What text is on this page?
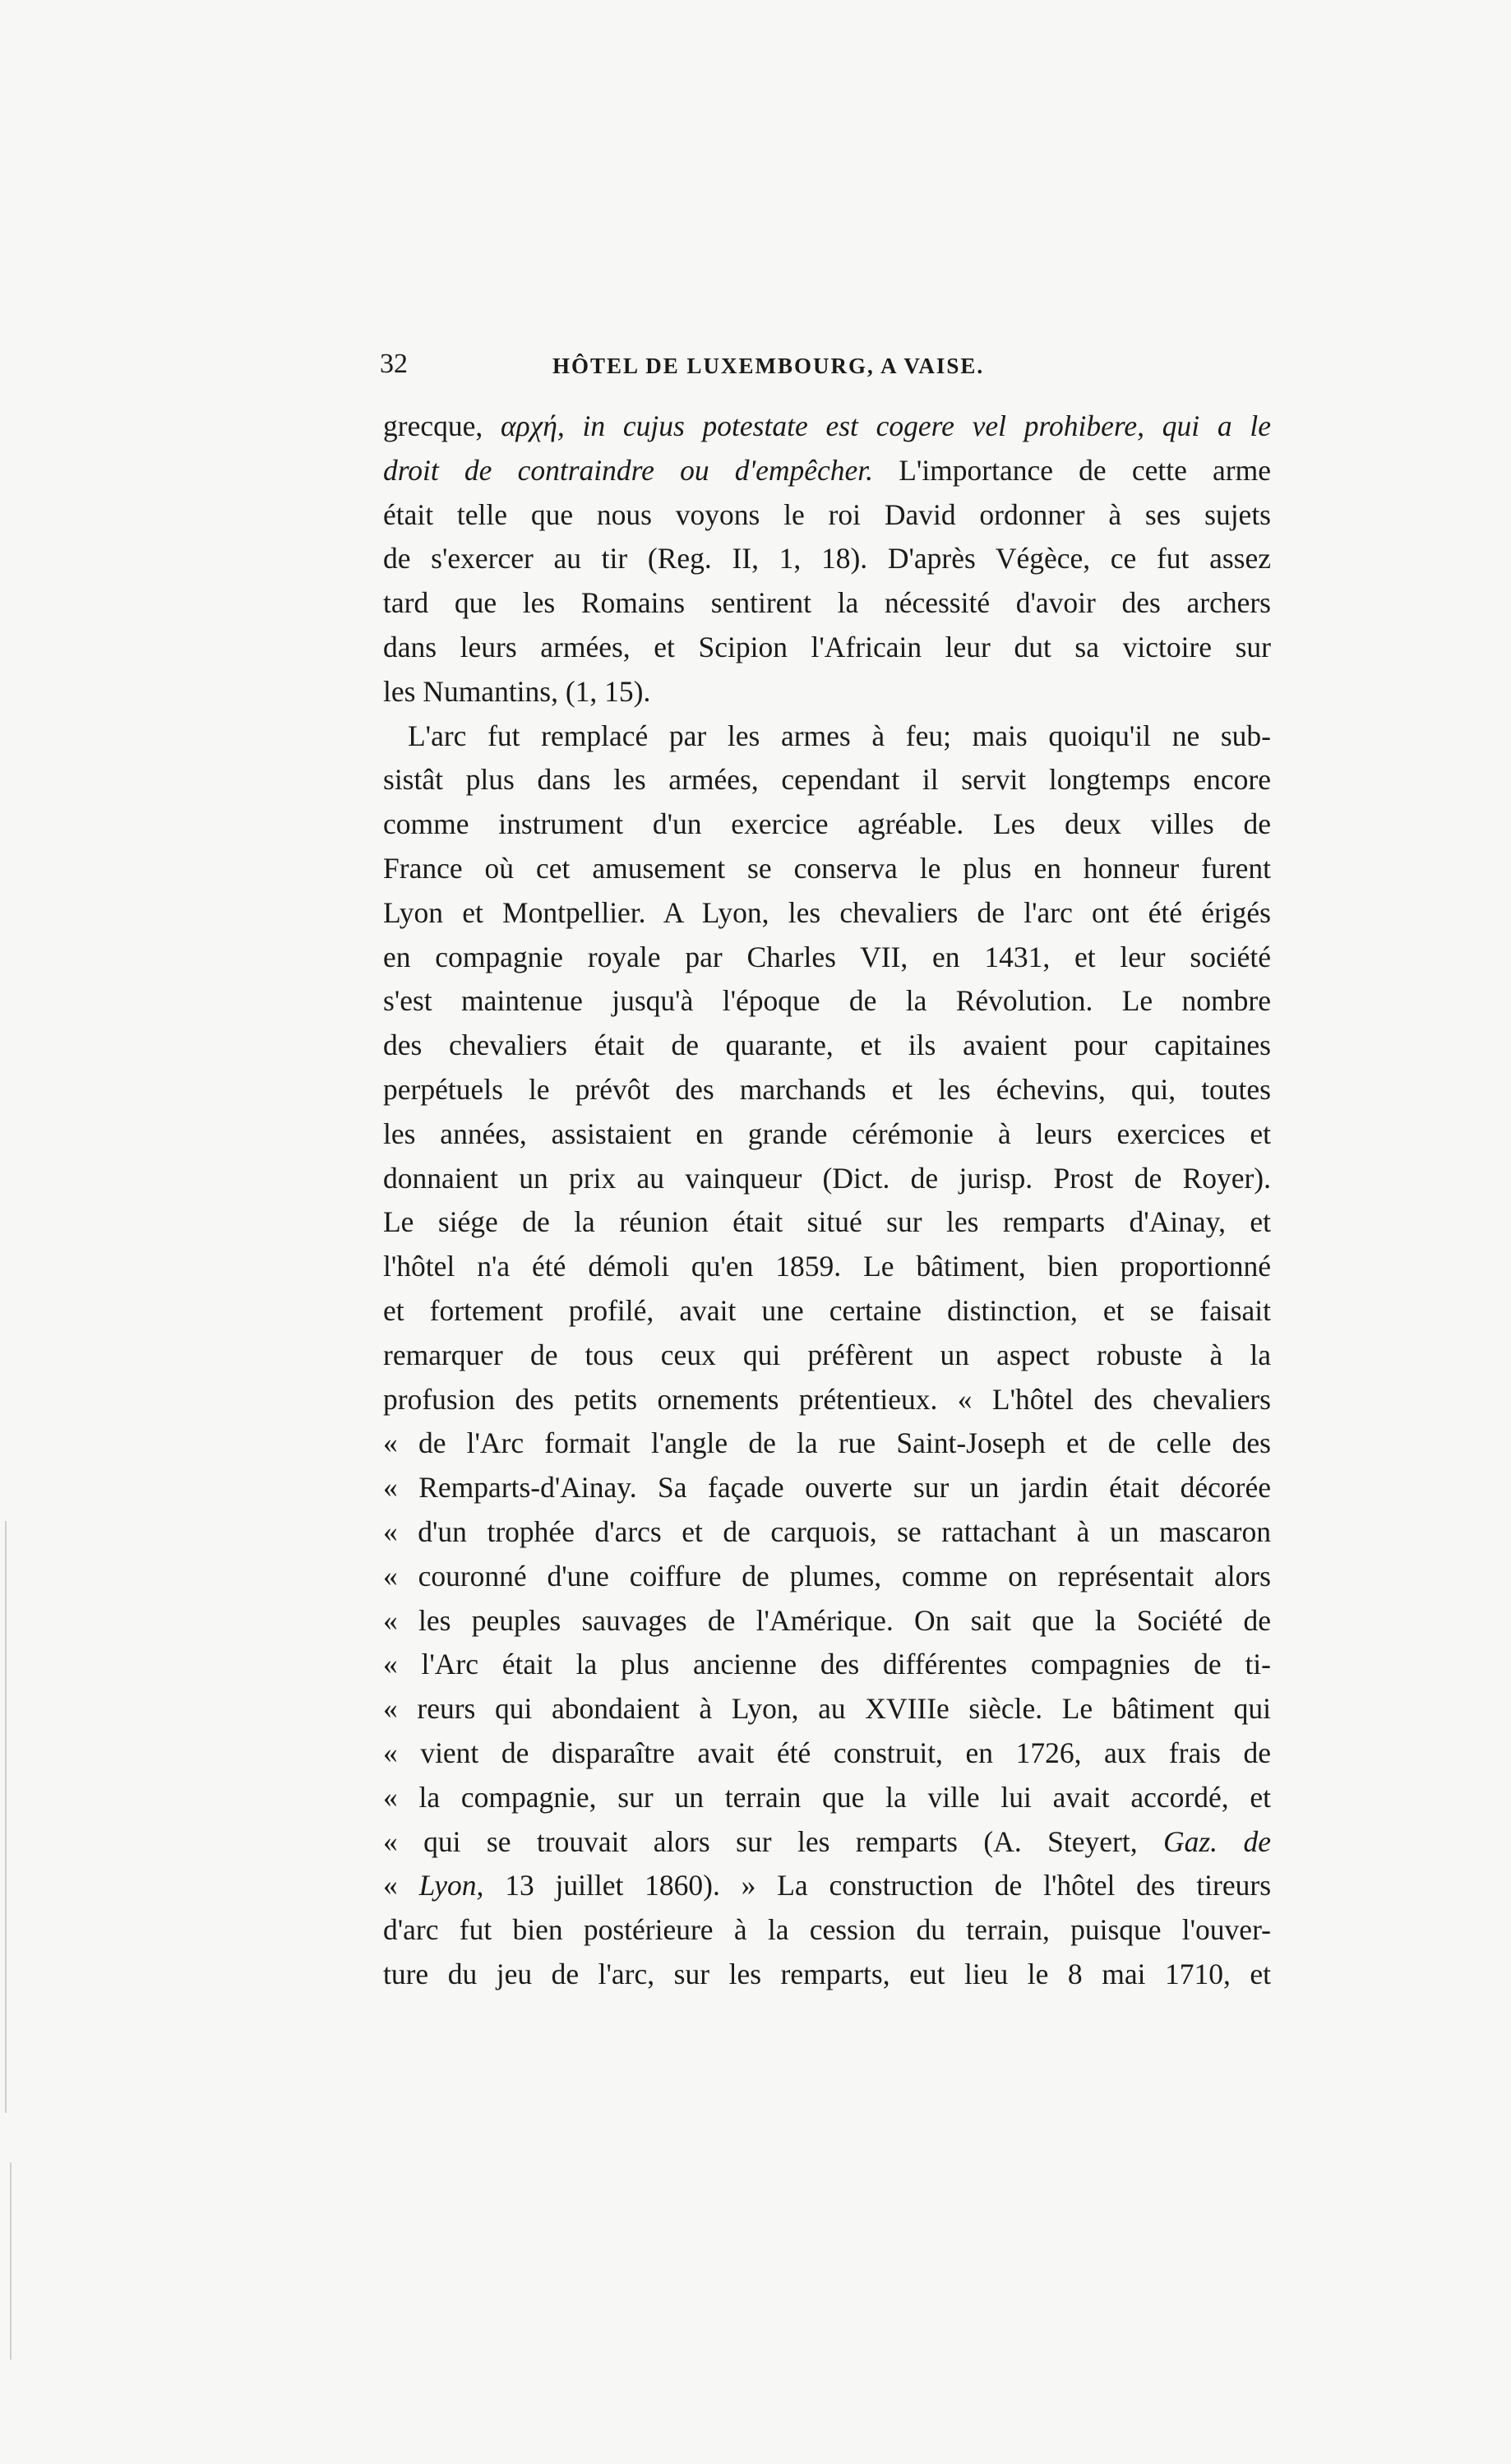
32	HÔTEL DE LUXEMBOURG, A VAISE.
grecque, αρχή, in cujus potestate est cogere vel prohibere, qui a le
droit de contraindre ou d'empêcher. L'importance de cette arme
était telle que nous voyons le roi David ordonner à ses sujets
de s'exercer au tir (Reg. II, 1, 18). D'après Végèce, ce fut assez
tard que les Romains sentirent la nécessité d'avoir des archers
dans leurs armées, et Scipion l'Africain leur dut sa victoire sur
les Numantins, (1, 15).
L'arc fut remplacé par les armes à feu; mais quoiqu'il ne sub-
sistât plus dans les armées, cependant il servit longtemps encore
comme instrument d'un exercice agréable. Les deux villes de
France où cet amusement se conserva le plus en honneur furent
Lyon et Montpellier. A Lyon, les chevaliers de l'arc ont été érigés
en compagnie royale par Charles VII, en 1431, et leur société
s'est maintenue jusqu'à l'époque de la Révolution. Le nombre
des chevaliers était de quarante, et ils avaient pour capitaines
perpétuels le prévôt des marchands et les échevins, qui, toutes
les années, assistaient en grande cérémonie à leurs exercices et
donnaient un prix au vainqueur (Dict. de jurisp. Prost de Royer).
Le siége de la réunion était situé sur les remparts d'Ainay, et
l'hôtel n'a été démoli qu'en 1859. Le bâtiment, bien proportionné
et fortement profilé, avait une certaine distinction, et se faisait
remarquer de tous ceux qui préfèrent un aspect robuste à la
profusion des petits ornements prétentieux. « L'hôtel des chevaliers
« de l'Arc formait l'angle de la rue Saint-Joseph et de celle des
« Remparts-d'Ainay. Sa façade ouverte sur un jardin était décorée
« d'un trophée d'arcs et de carquois, se rattachant à un mascaron
« couronné d'une coiffure de plumes, comme on représentait alors
« les peuples sauvages de l'Amérique. On sait que la Société de
« l'Arc était la plus ancienne des différentes compagnies de ti-
« reurs qui abondaient à Lyon, au XVIIIe siècle. Le bâtiment qui
« vient de disparaître avait été construit, en 1726, aux frais de
« la compagnie, sur un terrain que la ville lui avait accordé, et
« qui se trouvait alors sur les remparts (A. Steyert, Gaz. de
« Lyon, 13 juillet 1860). » La construction de l'hôtel des tireurs
d'arc fut bien postérieure à la cession du terrain, puisque l'ouver-
ture du jeu de l'arc, sur les remparts, eut lieu le 8 mai 1710, et
